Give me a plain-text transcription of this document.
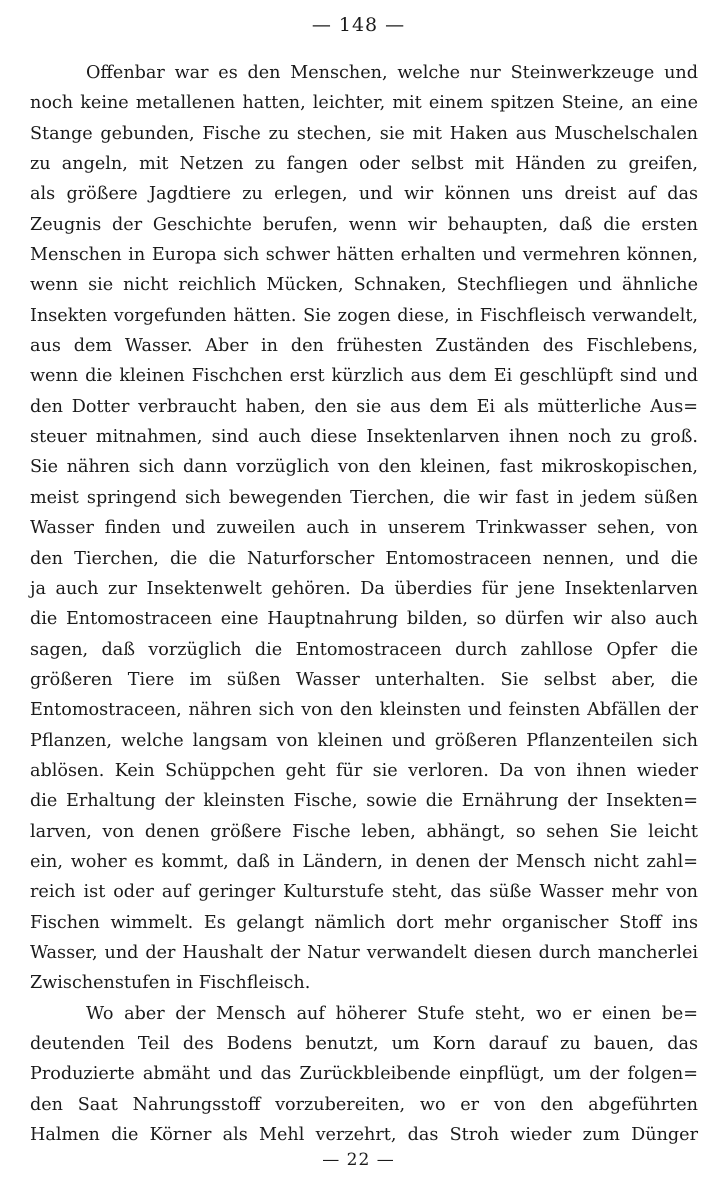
— 148 —
Offenbar war es den Menschen, welche nur Steinwerkzeuge und
noch keine metallenen hatten, leichter, mit einem spitzen Steine, an eine
Stange gebunden, Fische zu stechen, sie mit Haken aus Muschelschalen
zu angeln, mit Netzen zu fangen oder selbst mit Händen zu greifen,
als größere Jagdtiere zu erlegen, und wir können uns dreist auf das
Zeugnis der Geschichte berufen, wenn wir behaupten, daß die ersten
Menschen in Europa sich schwer hätten erhalten und vermehren können,
wenn sie nicht reichlich Mücken, Schnaken, Stechfliegen und ähnliche
Insekten vorgefunden hätten. Sie zogen diese, in Fischfleisch verwandelt,
aus dem Wasser. Aber in den frühesten Zuständen des Fischlebens,
wenn die kleinen Fischchen erst kürzlich aus dem Ei geschlüpft sind und
den Dotter verbraucht haben, den sie aus dem Ei als mütterliche Aus=
steuer mitnahmen, sind auch diese Insektenlarven ihnen noch zu groß.
Sie nähren sich dann vorzüglich von den kleinen, fast mikroskopischen,
meist springend sich bewegenden Tierchen, die wir fast in jedem süßen
Wasser finden und zuweilen auch in unserem Trinkwasser sehen, von
den Tierchen, die die Naturforscher Entomostraceen nennen, und die
ja auch zur Insektenwelt gehören. Da überdies für jene Insektenlarven
die Entomostraceen eine Hauptnahrung bilden, so dürfen wir also auch
sagen, daß vorzüglich die Entomostraceen durch zahllose Opfer die
größeren Tiere im süßen Wasser unterhalten. Sie selbst aber, die
Entomostraceen, nähren sich von den kleinsten und feinsten Abfällen der
Pflanzen, welche langsam von kleinen und größeren Pflanzenteilen sich
ablösen. Kein Schüppchen geht für sie verloren. Da von ihnen wieder
die Erhaltung der kleinsten Fische, sowie die Ernährung der Insekten=
larven, von denen größere Fische leben, abhängt, so sehen Sie leicht
ein, woher es kommt, daß in Ländern, in denen der Mensch nicht zahl=
reich ist oder auf geringer Kulturstufe steht, das süße Wasser mehr von
Fischen wimmelt. Es gelangt nämlich dort mehr organischer Stoff ins
Wasser, und der Haushalt der Natur verwandelt diesen durch mancherlei
Zwischenstufen in Fischfleisch.
Wo aber der Mensch auf höherer Stufe steht, wo er einen be=
deutenden Teil des Bodens benutzt, um Korn darauf zu bauen, das
Produzierte abmäht und das Zurückbleibende einpflügt, um der folgen=
den Saat Nahrungsstoff vorzubereiten, wo er von den abgeführten
Halmen die Körner als Mehl verzehrt, das Stroh wieder zum Dünger
— 22 —
